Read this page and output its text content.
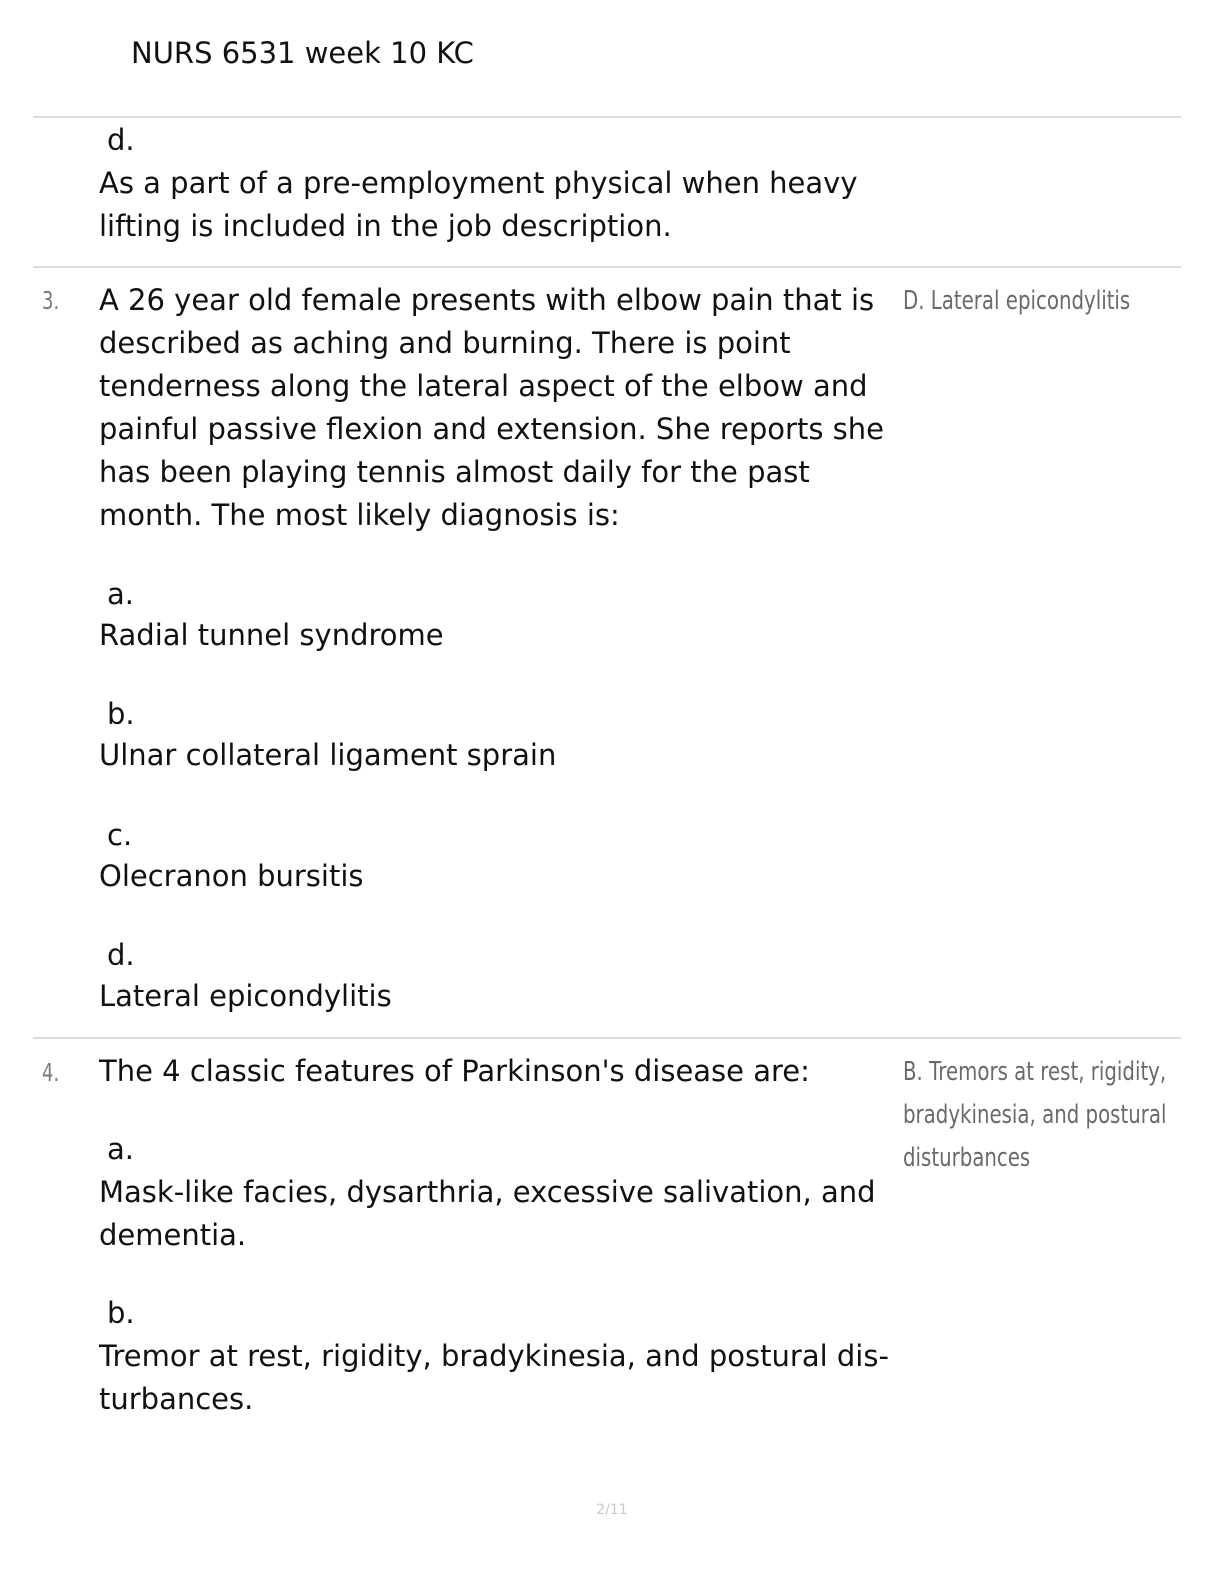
NURS 6531 week 10 KC
d.
As a part of a pre-employment physical when heavy lifting is included in the job description.
3. A 26 year old female presents with elbow pain that is described as aching and burning. There is point tenderness along the lateral aspect of the elbow and painful passive flexion and extension. She reports she has been playing tennis almost daily for the past month. The most likely diagnosis is:
D. Lateral epicondylitis
a.
Radial tunnel syndrome
b.
Ulnar collateral ligament sprain
c.
Olecranon bursitis
d.
Lateral epicondylitis
4. The 4 classic features of Parkinson's disease are:	B. Tremors at rest, rigidity, bradykinesia, and postural disturbances
a.
Mask-like facies, dysarthria, excessive salivation, and dementia.
b.
Tremor at rest, rigidity, bradykinesia, and postural dis-turbances.
2/11
